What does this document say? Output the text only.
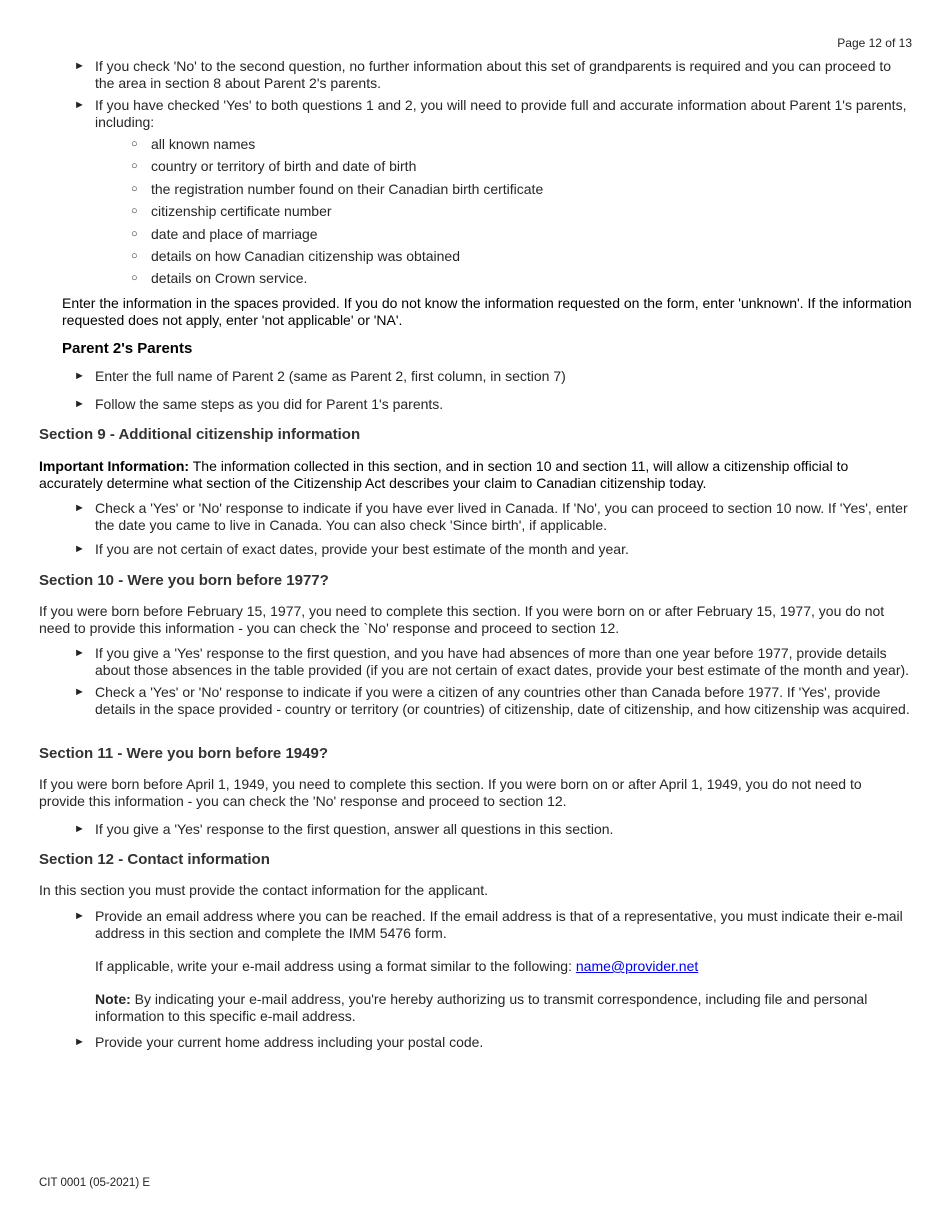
Page 12 of 13
► If you check 'No' to the second question, no further information about this set of grandparents is required and you can proceed to the area in section 8 about Parent 2's parents.
► If you have checked 'Yes' to both questions 1 and 2, you will need to provide full and accurate information about Parent 1's parents, including:
○ all known names
○ country or territory of birth and date of birth
○ the registration number found on their Canadian birth certificate
○ citizenship certificate number
○ date and place of marriage
○ details on how Canadian citizenship was obtained
○ details on Crown service.
Enter the information in the spaces provided. If you do not know the information requested on the form, enter 'unknown'. If the information requested does not apply, enter 'not applicable' or 'NA'.
Parent 2's Parents
► Enter the full name of Parent 2 (same as Parent 2, first column, in section 7)
► Follow the same steps as you did for Parent 1's parents.
Section 9 - Additional citizenship information
Important Information: The information collected in this section, and in section 10 and section 11, will allow a citizenship official to accurately determine what section of the Citizenship Act describes your claim to Canadian citizenship today.
► Check a 'Yes' or 'No' response to indicate if you have ever lived in Canada. If 'No', you can proceed to section 10 now. If 'Yes', enter the date you came to live in Canada. You can also check 'Since birth', if applicable.
► If you are not certain of exact dates, provide your best estimate of the month and year.
Section 10 - Were you born before 1977?
If you were born before February 15, 1977, you need to complete this section. If you were born on or after February 15, 1977, you do not need to provide this information - you can check the `No' response and proceed to section 12.
► If you give a 'Yes' response to the first question, and you have had absences of more than one year before 1977, provide details about those absences in the table provided (if you are not certain of exact dates, provide your best estimate of the month and year).
► Check a 'Yes' or 'No' response to indicate if you were a citizen of any countries other than Canada before 1977. If 'Yes', provide details in the space provided - country or territory (or countries) of citizenship, date of citizenship, and how citizenship was acquired.
Section 11 - Were you born before 1949?
If you were born before April 1, 1949, you need to complete this section. If you were born on or after April 1, 1949, you do not need to provide this information - you can check the 'No' response and proceed to section 12.
► If you give a 'Yes' response to the first question, answer all questions in this section.
Section 12 - Contact information
In this section you must provide the contact information for the applicant.
► Provide an email address where you can be reached. If the email address is that of a representative, you must indicate their e-mail address in this section and complete the IMM 5476 form.
If applicable, write your e-mail address using a format similar to the following: name@provider.net
Note: By indicating your e-mail address, you're hereby authorizing us to transmit correspondence, including file and personal information to this specific e-mail address.
► Provide your current home address including your postal code.
CIT 0001 (05-2021) E
